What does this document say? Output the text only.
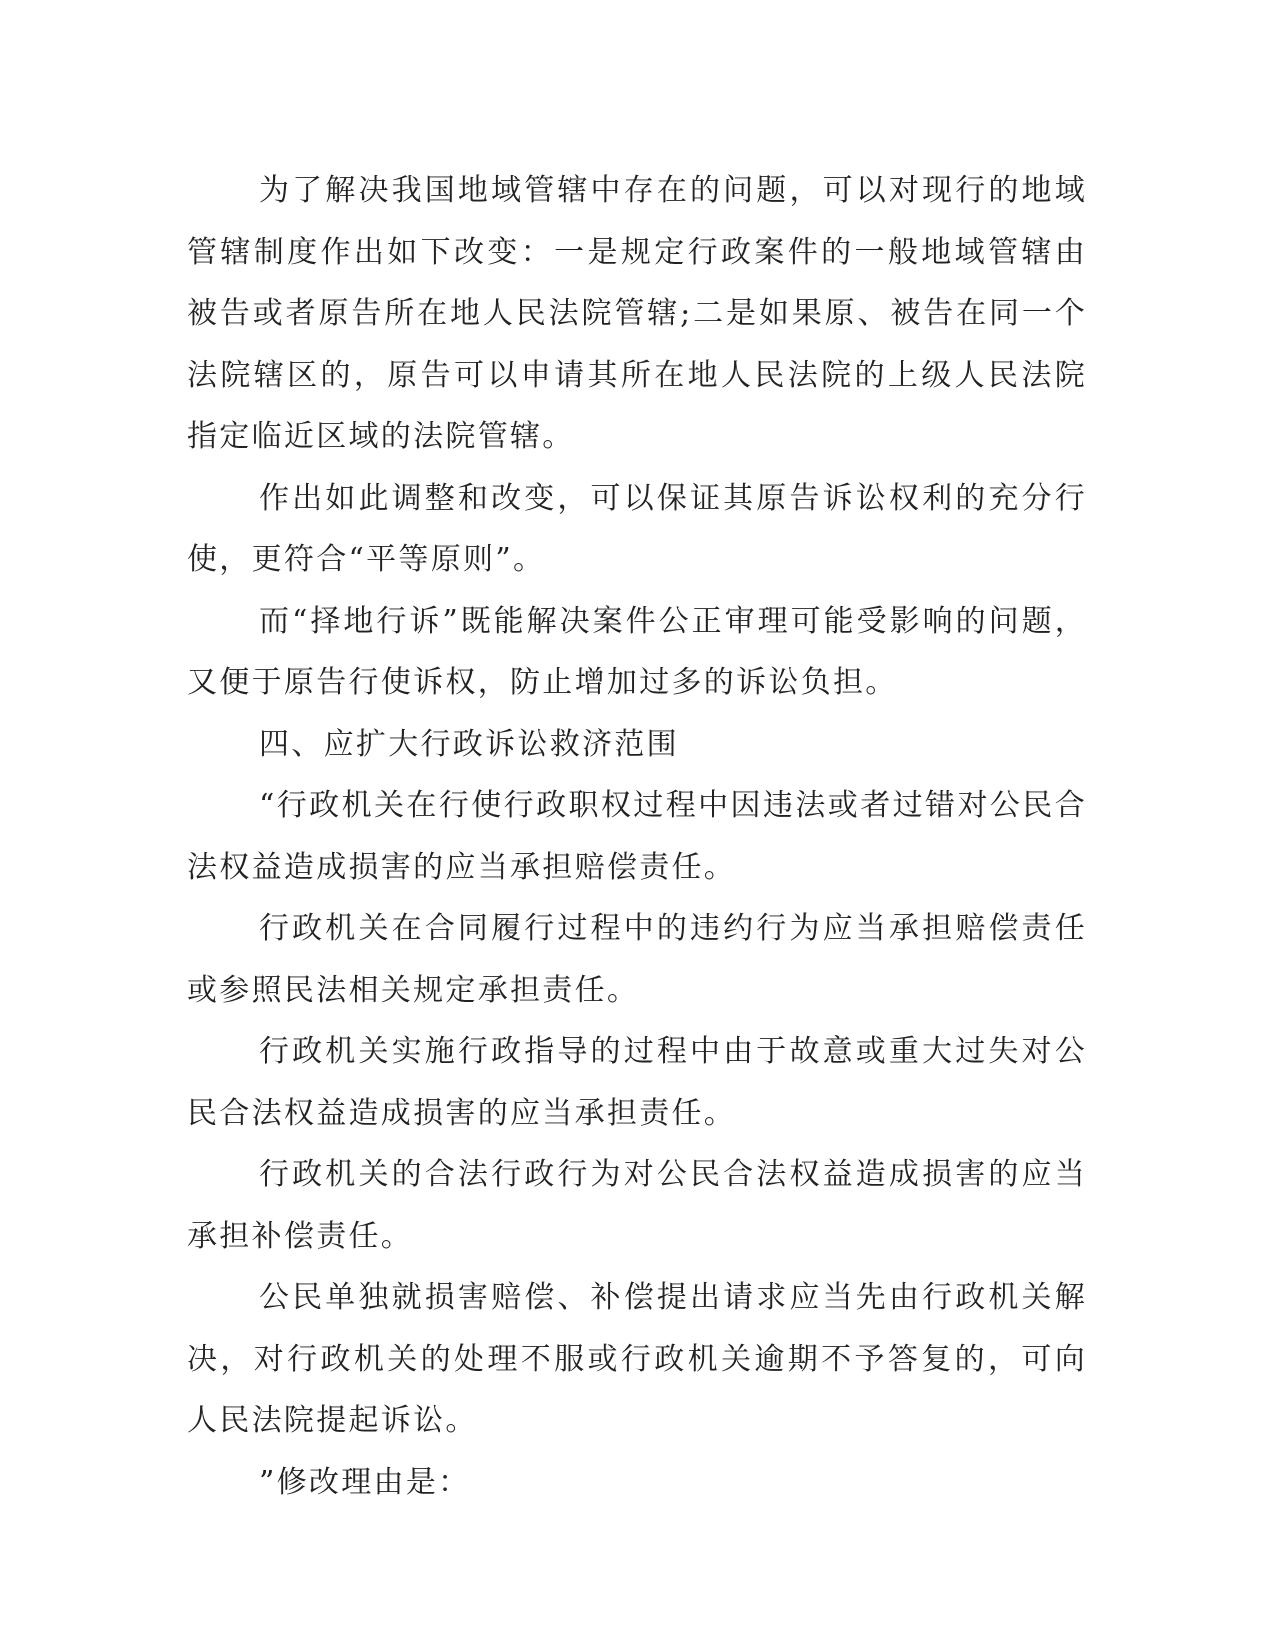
为了解决我国地域管辖中存在的问题，可以对现行的地域管辖制度作出如下改变：一是规定行政案件的一般地域管辖由被告或者原告所在地人民法院管辖;二是如果原、被告在同一个法院辖区的，原告可以申请其所在地人民法院的上级人民法院指定临近区域的法院管辖。

作出如此调整和改变，可以保证其原告诉讼权利的充分行使，更符合“平等原则”。

而“择地行诉”既能解决案件公正审理可能受影响的问题，又便于原告行使诉权，防止增加过多的诉讼负担。

四、应扩大行政诉讼救济范围

“行政机关在行使行政职权过程中因违法或者过错对公民合法权益造成损害的应当承担赔偿责任。

行政机关在合同履行过程中的违约行为应当承担赔偿责任或参照民法相关规定承担责任。

行政机关实施行政指导的过程中由于故意或重大过失对公民合法权益造成损害的应当承担责任。

行政机关的合法行政行为对公民合法权益造成损害的应当承担补偿责任。

公民单独就损害赔偿、补偿提出请求应当先由行政机关解决，对行政机关的处理不服或行政机关逾期不予答复的，可向人民法院提起诉讼。

”修改理由是：
